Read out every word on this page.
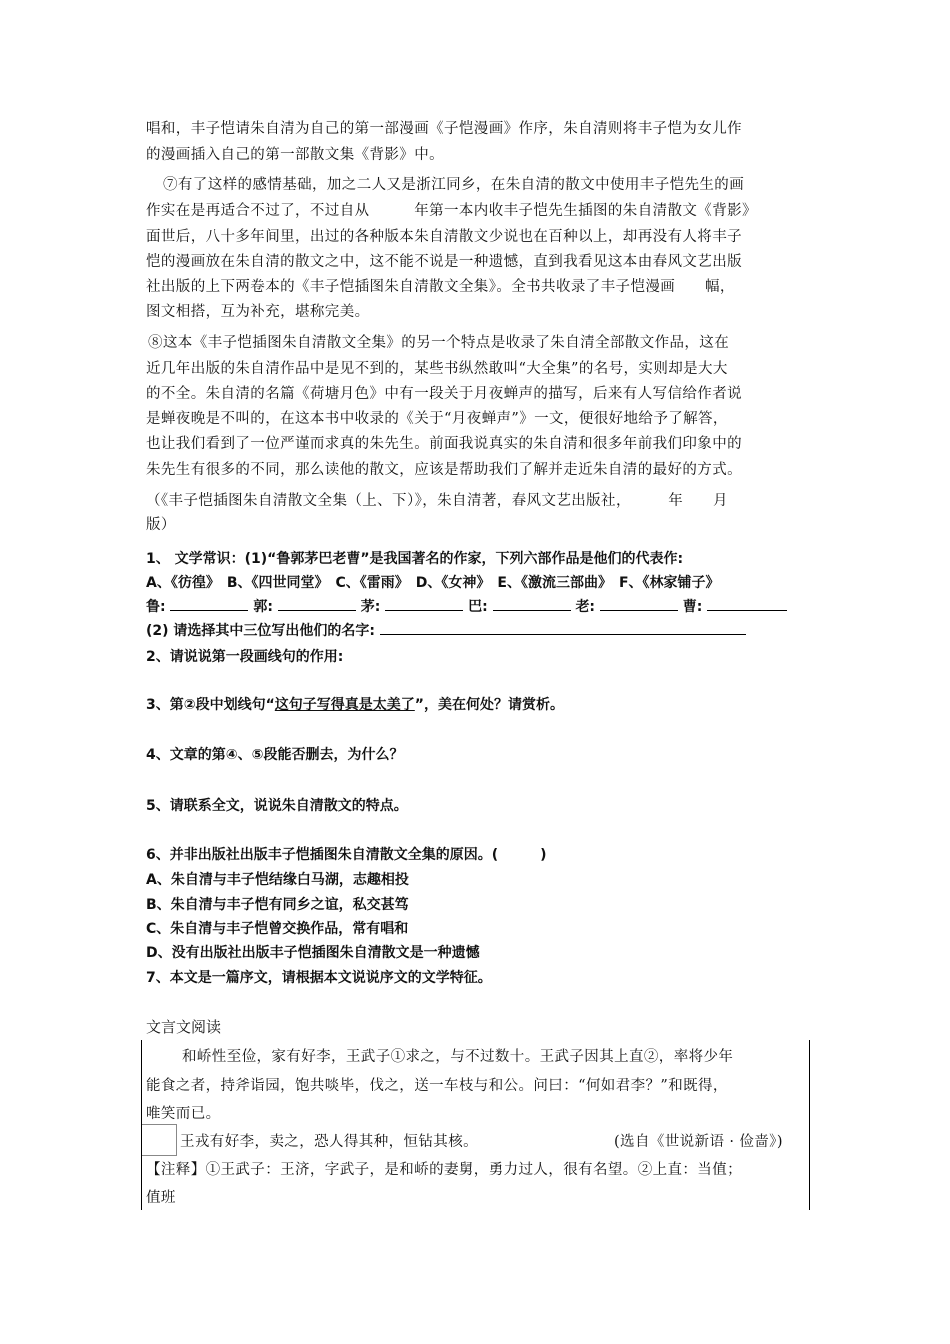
唱和，丰子恺请朱自清为自己的第一部漫画《子恺漫画》作序，朱自清则将丰子恺为女儿作
的漫画插入自己的第一部散文集《背影》中。
⑦有了这样的感情基础，加之二人又是浙江同乡，在朱自清的散文中使用丰子恺先生的画
作实在是再适合不过了，不过自从　　　年第一本内收丰子恺先生插图的朱自清散文《背影》
面世后，八十多年间里，出过的各种版本朱自清散文少说也在百种以上，却再没有人将丰子
恺的漫画放在朱自清的散文之中，这不能不说是一种遗憾，直到我看见这本由春风文艺出版
社出版的上下两卷本的《丰子恺插图朱自清散文全集》。全书共收录了丰子恺漫画　　幅，
图文相搭，互为补充，堪称完美。
⑧这本《丰子恺插图朱自清散文全集》的另一个特点是收录了朱自清全部散文作品，这在
近几年出版的朱自清作品中是见不到的，某些书纵然敢叫“大全集”的名号，实则却是大大
的不全。朱自清的名篇《荷塘月色》中有一段关于月夜蝉声的描写，后来有人写信给作者说
是蝉夜晚是不叫的，在这本书中收录的《关于“月夜蝉声”》一文，便很好地给予了解答，
也让我们看到了一位严谨而求真的朱先生。前面我说真实的朱自清和很多年前我们印象中的
朱先生有很多的不同，那么读他的散文，应该是帮助我们了解并走近朱自清的最好的方式。
（《丰子恺插图朱自清散文全集（上、下）》，朱自清著，春风文艺出版社，　　　年　　月
版）
1、 文学常识：(1)“鲁郭茅巴老曹”是我国著名的作家，下列六部作品是他们的代表作:
A、《彷徨》　B、《四世同堂》　C、《雷雨》　D、《女神》　E、《激流三部曲》　F、《林家铺子》
鲁:	郭:	茅:	巴:	老:	曹:
(2) 请选择其中三位写出他们的名字:
2、请说说第一段画线句的作用:
3、第②段中划线句“这句子写得真是太美了”，美在何处？请赏析。
4、文章的第④、⑤段能否删去，为什么？
5、请联系全文，说说朱自清散文的特点。
6、并非出版社出版丰子恺插图朱自清散文全集的原因。(　　　)
A、朱自清与丰子恺结缘白马湖，志趣相投
B、朱自清与丰子恺有同乡之谊，私交甚笃
C、朱自清与丰子恺曾交换作品，常有唱和
D、没有出版社出版丰子恺插图朱自清散文是一种遗憾
7、本文是一篇序文，请根据本文说说序文的文学特征。
文言文阅读
和峤性至俭，家有好李，王武子①求之，与不过数十。王武子因其上直②，率将少年
能食之者，持斧诣园，饱共啖毕，伐之，送一车枝与和公。问曰：“何如君李？”和既得，
唯笑而已。
王戎有好李，卖之，恐人得其种，恒钻其核。	(选自《世说新语 · 俭啬》)
【注释】①王武子：王济，字武子，是和峤的妻舅，勇力过人，很有名望。②上直：当值；
值班
